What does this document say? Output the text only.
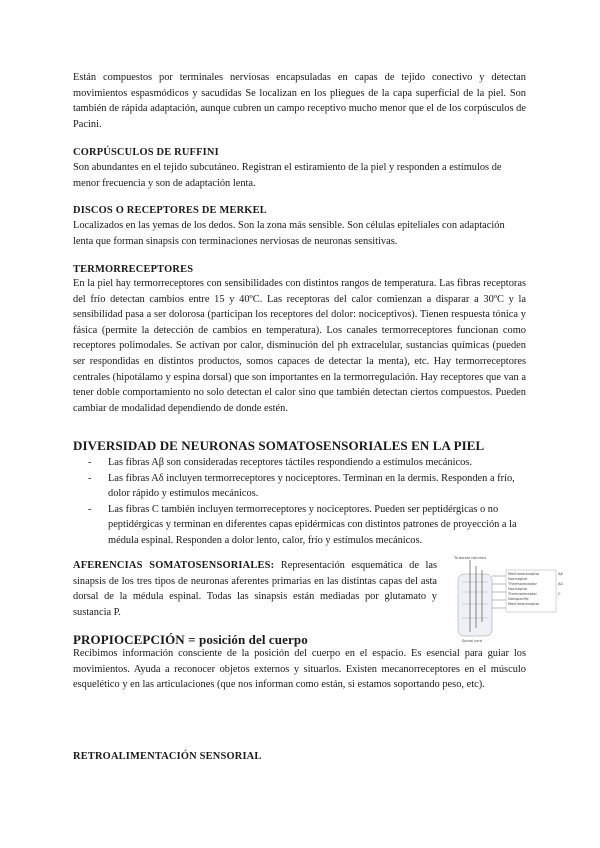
Están compuestos por terminales nerviosas encapsuladas en capas de tejido conectivo y detectan movimientos espasmódicos y sacudidas Se localizan en los pliegues de la capa superficial de la piel. Son también de rápida adaptación, aunque cubren un campo receptivo mucho menor que el de los corpúsculos de Pacini.
CORPÚSCULOS DE RUFFINI
Son abundantes en el tejido subcutáneo. Registran el estiramiento de la piel y responden a estímulos de menor frecuencia y son de adaptación lenta.
DISCOS O RECEPTORES DE MERKEL
Localizados en las yemas de los dedos. Son la zona más sensible. Son células epiteliales con adaptación lenta que forman sinapsis con terminaciones nerviosas de neuronas sensitivas.
TERMORRECEPTORES
En la piel hay termorreceptores con sensibilidades con distintos rangos de temperatura. Las fibras receptoras del frío detectan cambios entre 15 y 40ºC. Las receptoras del calor comienzan a disparar a 30ºC y la sensibilidad pasa a ser dolorosa (participan los receptores del dolor: nociceptivos). Tienen respuesta tónica y fásica (permite la detección de cambios en temperatura). Los canales termorreceptores funcionan como receptores polimodales. Se activan por calor, disminución del ph extracelular, sustancias químicas (pueden ser respondidas en distintos productos, somos capaces de detectar la menta), etc. Hay termorreceptores centrales (hipotálamo y espina dorsal) que son importantes en la termorregulación. Hay receptores que van a tener doble comportamiento no solo detectan el calor sino que también detectan ciertos compuestos. Pueden cambiar de modalidad dependiendo de donde estén.
DIVERSIDAD DE NEURONAS SOMATOSENSORIALES EN LA PIEL
- Las fibras Aβ son consideradas receptores táctiles respondiendo a estímulos mecánicos.
- Las fibras Aδ incluyen termorreceptores y nociceptores. Terminan en la dermis. Responden a frío, dolor rápido y estímulos mecánicos.
- Las fibras C también incluyen termorreceptores y nociceptores. Pueden ser peptidérgicas o no peptidérgicas y terminan en diferentes capas epidérmicas con distintos patrones de proyección a la médula espinal. Responden a dolor lento, calor, frío y estímulos mecánicos.
AFERENCIAS SOMATOSENSORIALES: Representación esquemática de las sinapsis de los tres tipos de neuronas aferentes primarias en las distintas capas del asta dorsal de la médula espinal. Todas las sinapsis están mediadas por glutamato y sustancia P.
To dorsal columns
Mechanoreceptor	Aβ
Nociceptor
Thermoreceptor	Aδ
Nociceptor
C
Thermoreceptor
Nonspecific
Mechanoreceptor
Spinal cord
PROPIOCEPCIÓN = posición del cuerpo
Recibimos información consciente de la posición del cuerpo en el espacio. Es esencial para guiar los movimientos. Ayuda a reconocer objetos externos y situarlos. Existen mecanorreceptores en el músculo esquelético y en las articulaciones (que nos informan como están, si estamos soportando peso, etc).
RETROALIMENTACIÓN SENSORIAL
